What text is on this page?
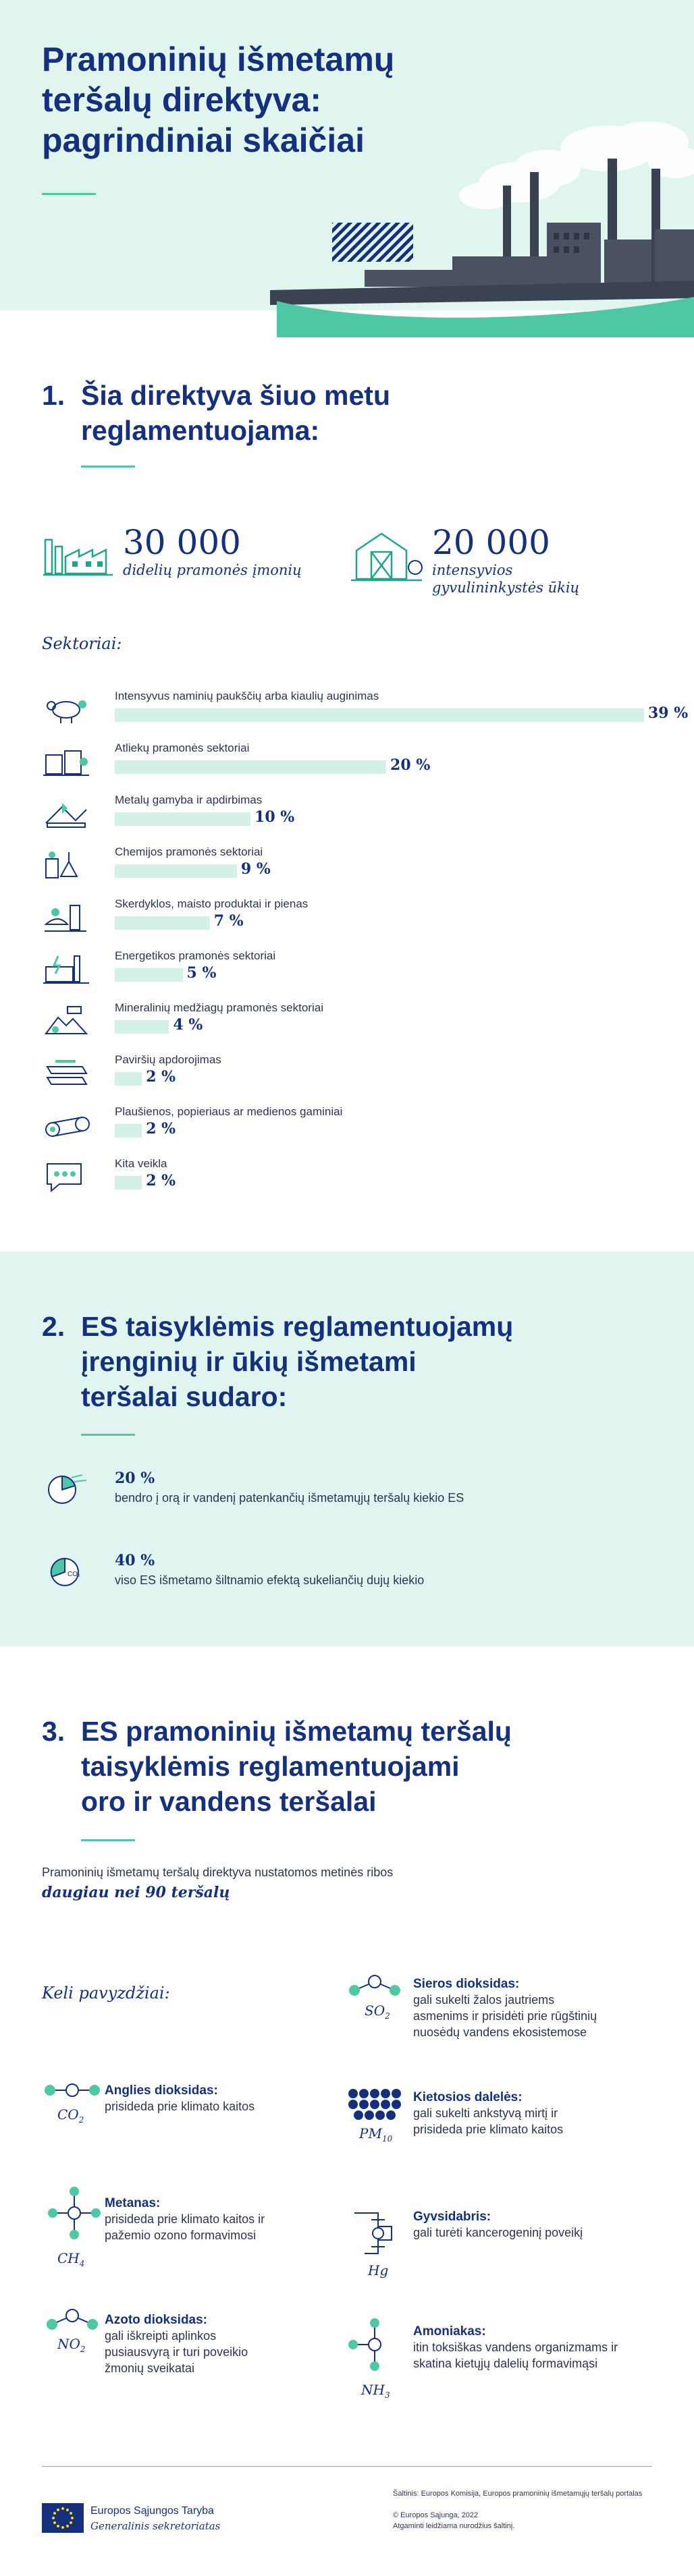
Pramoninių išmetamų
teršalų direktyva:
pagrindiniai skaičiai
1. Šia direktyva šiuo metu
reglamentuojama:
30 000
didelių pramonės įmonių
20 000
intensyvios
gyvulininkystės ūkių
Sektoriai:
Intensyvus naminių paukščių arba kiaulių auginimas
39 %
Atliekų pramonės sektoriai
20 %
Metalų gamyba ir apdirbimas
10 %
Chemijos pramonės sektoriai
9 %
Skerdyklos, maisto produktai ir pienas
7 %
Energetikos pramonės sektoriai
5 %
Mineralinių medžiagų pramonės sektoriai
4 %
Paviršių apdorojimas
2 %
Plaušienos, popieriaus ar medienos gaminiai
2 %
Kita veikla
2 %
2. ES taisyklėmis reglamentuojamų
įrenginių ir ūkių išmetami
teršalai sudaro:
20 %
bendro į orą ir vandenį patenkančių išmetamųjų teršalų kiekio ES
CO₂
40 %
viso ES išmetamo šiltnamio efektą sukeliančių dujų kiekio
3. ES pramoninių išmetamų teršalų
taisyklėmis reglamentuojami
oro ir vandens teršalai
Pramoninių išmetamų teršalų direktyva nustatomos metinės ribos
daugiau nei 90 teršalų
Keli pavyzdžiai:
$SO_2$
Sieros dioksidas:
gali sukelti žalos jautriems
asmenims ir prisidėti prie rūgštinių
nuosėdų vandens ekosistemose
$CO_2$
Anglies dioksidas:
prisideda prie klimato kaitos
$PM_{10}$
Kietosios dalelės:
gali sukelti ankstyvą mirtį ir
prisideda prie klimato kaitos
$CH_4$
Metanas:
prisideda prie klimato kaitos ir
pažemio ozono formavimosi
Hg
Gyvsidabris:
gali turėti kancerogeninį poveikį
$NO_2$
Azoto dioksidas:
gali iškreipti aplinkos
pusiausvyrą ir turi poveikio
žmonių sveikatai
$NH_3$
Amoniakas:
itin toksiškas vandens organizmams ir
skatina kietųjų dalelių formavimąsi
Europos Sąjungos Taryba
Generalinis sekretoriatas
Šaltinis: Europos Komisija, Europos pramoninių išmetamųjų teršalų portalas
© Europos Sąjunga, 2022
Atgaminti leidžiama nurodžius šaltinį.
